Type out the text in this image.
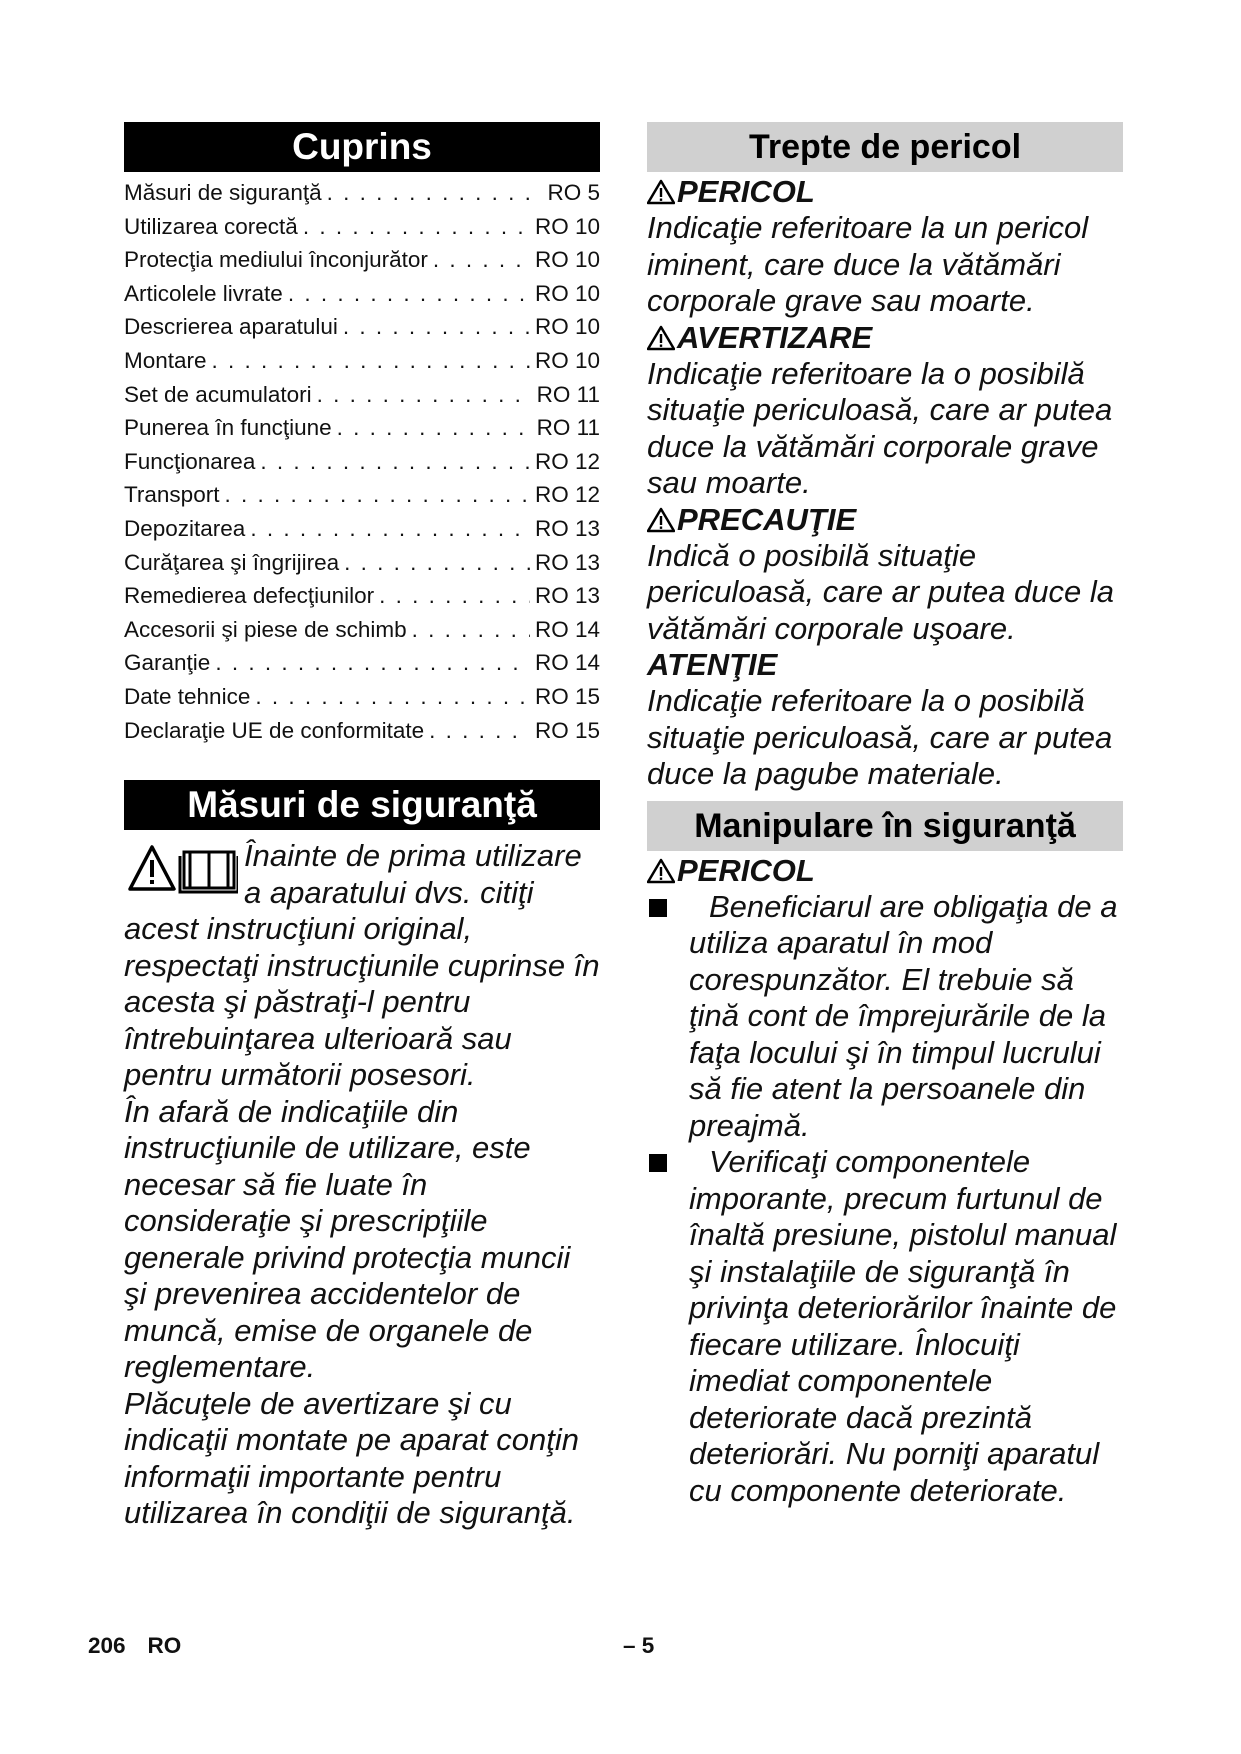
Cuprins
Măsuri de siguranţă . . .	RO 5
Utilizarea corectă . . .	RO 10
Protecţia mediului înconjurător . . .	RO 10
Articolele livrate . . .	RO 10
Descrierea aparatului . . .	RO 10
Montare . . .	RO 10
Set de acumulatori . . .	RO 11
Punerea în funcţiune . . .	RO 11
Funcţionarea . . .	RO 12
Transport . . .	RO 12
Depozitarea . . .	RO 13
Curăţarea şi îngrijirea . . .	RO 13
Remedierea defecţiunilor . . .	RO 13
Accesorii şi piese de schimb . . .	RO 14
Garanţie . . .	RO 14
Date tehnice . . .	RO 15
Declaraţie UE de conformitate . . .	RO 15
Măsuri de siguranţă
Înainte de prima utilizare a aparatului dvs. citiţi
acest instrucţiuni original, respectaţi instrucţiunile cuprinse în acesta şi păstraţi-l pentru întrebuinţarea ulterioară sau pentru următorii posesori.
În afară de indicaţiile din instrucţiunile de utilizare, este necesar să fie luate în consideraţie şi prescripţiile generale privind protecţia muncii şi prevenirea accidentelor de muncă, emise de organele de reglementare.
Plăcuţele de avertizare şi cu indicaţii montate pe aparat conţin informaţii importante pentru utilizarea în condiţii de siguranţă.
Trepte de pericol
PERICOL
Indicaţie referitoare la un pericol iminent, care duce la vătămări corporale grave sau moarte.
AVERTIZARE
Indicaţie referitoare la o posibilă situaţie periculoasă, care ar putea duce la vătămări corporale grave sau moarte.
PRECAUŢIE
Indică o posibilă situaţie periculoasă, care ar putea duce la vătămări corporale uşoare.
ATENŢIE
Indicaţie referitoare la o posibilă situaţie periculoasă, care ar putea duce la pagube materiale.
Manipulare în siguranţă
PERICOL
Beneficiarul are obligaţia de a utiliza aparatul în mod corespunzător. El trebuie să ţină cont de împrejurările de la faţa locului şi în timpul lucrului să fie atent la persoanele din preajmă.
Verificaţi componentele imporante, precum furtunul de înaltă presiune, pistolul manual şi instalaţiile de siguranţă în privinţa deteriorărilor înainte de fiecare utilizare. Înlocuiţi imediat componentele deteriorate dacă prezintă deteriorări. Nu porniţi aparatul cu componente deteriorate.
206 RO	– 5
